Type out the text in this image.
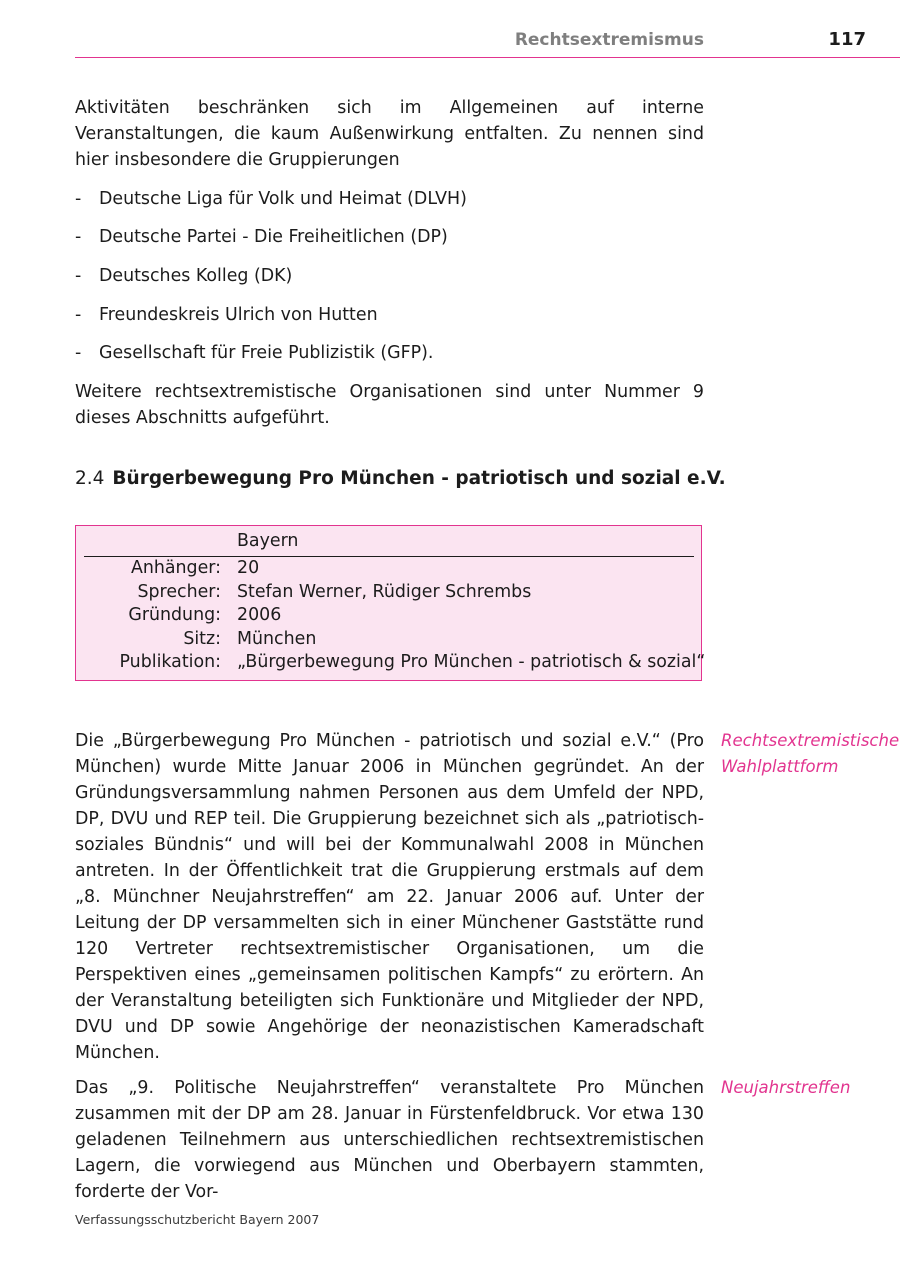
Rechtsextremismus	117

Aktivitäten beschränken sich im Allgemeinen auf interne Veranstaltungen, die kaum Außenwirkung entfalten. Zu nennen sind hier insbesondere die Gruppierungen

- Deutsche Liga für Volk und Heimat (DLVH)
- Deutsche Partei - Die Freiheitlichen (DP)
- Deutsches Kolleg (DK)
- Freundeskreis Ulrich von Hutten
- Gesellschaft für Freie Publizistik (GFP).

Weitere rechtsextremistische Organisationen sind unter Nummer 9 dieses Abschnitts aufgeführt.

2.4 Bürgerbewegung Pro München - patriotisch und sozial e.V.
Bayern
Anhänger: 20
Sprecher: Stefan Werner, Rüdiger Schrembs
Gründung: 2006
Sitz: München
Publikation: „Bürgerbewegung Pro München - patriotisch & sozial“

Die „Bürgerbewegung Pro München - patriotisch und sozial e.V.“ (Pro München) wurde Mitte Januar 2006 in München gegründet. An der Gründungsversammlung nahmen Personen aus dem Umfeld der NPD, DP, DVU und REP teil. Die Gruppierung bezeichnet sich als „patriotisch-soziales Bündnis“ und will bei der Kommunalwahl 2008 in München antreten. In der Öffentlichkeit trat die Gruppierung erstmals auf dem „8. Münchner Neujahrstreffen“ am 22. Januar 2006 auf. Unter der Leitung der DP versammelten sich in einer Münchener Gaststätte rund 120 Vertreter rechtsextremistischer Organisationen, um die Perspektiven eines „gemeinsamen politischen Kampfs“ zu erörtern. An der Veranstaltung beteiligten sich Funktionäre und Mitglieder der NPD, DVU und DP sowie Angehörige der neonazistischen Kameradschaft München.

Rechtsextremistische Wahlplattform

Das „9. Politische Neujahrstreffen“ veranstaltete Pro München zusammen mit der DP am 28. Januar in Fürstenfeldbruck. Vor etwa 130 geladenen Teilnehmern aus unterschiedlichen rechtsextremistischen Lagern, die vorwiegend aus München und Oberbayern stammten, forderte der Vor-

Neujahrstreffen
Verfassungsschutzbericht Bayern 2007
